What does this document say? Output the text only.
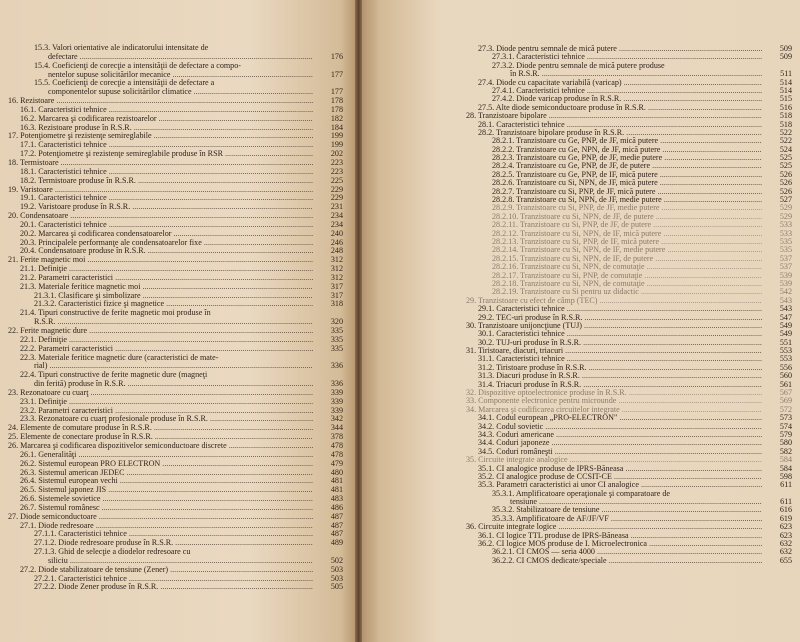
15.3. Valori orientative ale indicatorului intensitate de
defectare .....	176
15.4. Coeficienţi de corecţie a intensităţii de defectare a compo-
nentelor supuse solicitărilor mecanice .....	177
15.5. Coeficienţi de corecţie a intensităţii de defectare a
componentelor supuse solicitărilor climatice .....	177
16. Rezistoare .....	178
16.1. Caracteristici tehnice .....	178
16.2. Marcarea şi codificarea rezistoarelor .....	182
16.3. Rezistoare produse în R.S.R. .....	184
17. Potenţiometre şi rezistenţe semireglabile .....	199
17.1. Caracteristici tehnice .....	199
17.2. Potenţiometre şi rezistenţe semireglabile produse în RSR .....	202
18. Termistoare .....	223
18.1. Caracteristici tehnice .....	223
18.2. Termistoare produse în R.S.R. .....	225
19. Varistoare .....	229
19.1. Caracteristici tehnice .....	229
19.2. Varistoare produse în R.S.R. .....	231
20. Condensatoare .....	234
20.1. Caracteristici tehnice .....	234
20.2. Marcarea şi codificarea condensatoarelor .....	240
20.3. Principalele performanţe ale condensatoarelor fixe .....	246
20.4. Condensatoare produse în R.S.R. .....	248
21. Ferite magnetic moi .....	312
21.1. Definiţie .....	312
21.2. Parametri caracteristici .....	312
21.3. Materiale feritice magnetic moi .....	317
21.3.1. Clasificare şi simbolizare .....	317
21.3.2. Caracteristici fizice şi magnetice .....	318
21.4. Tipuri constructive de ferite magnetic moi produse în
R.S.R. .....	320
22. Ferite magnetic dure .....	335
22.1. Definiţie .....	335
22.2. Parametri caracteristici .....	335
22.3. Materiale feritice magnetic dure (caracteristici de mate-
rial) .....	336
22.4. Tipuri constructive de ferite magnetic dure (magneţi
din ferită) produse în R.S.R. .....	336
23. Rezonatoare cu cuarţ .....	339
23.1. Definiţie .....	339
23.2. Parametri caracteristici .....	339
23.3. Rezonatoare cu cuarţ profesionale produse în R.S.R. .....	342
24. Elemente de comutare produse în R.S.R. .....	344
25. Elemente de conectare produse în R.S.R. .....	378
26. Marcarea şi codificarea dispozitivelor semiconductoare discrete .....	478
26.1. Generalităţi .....	478
26.2. Sistemul european PRO ELECTRON .....	479
26.3. Sistemul american JEDEC .....	480
26.4. Sistemul european vechi .....	481
26.5. Sistemul japonez JIS .....	481
26.6. Sistemele sovietice .....	483
26.7. Sistemul românesc .....	486
27. Diode semiconductoare .....	487
27.1. Diode redresoare .....	487
27.1.1. Caracteristici tehnice .....	487
27.1.2. Diode redresoare produse în R.S.R. .....	489
27.1.3. Ghid de selecţie a diodelor redresoare cu
siliciu .....	502
27.2. Diode stabilizatoare de tensiune (Zener) .....	503
27.2.1. Caracteristici tehnice .....	503
27.2.2. Diode Zener produse în R.S.R. .....	505
27.3. Diode pentru semnale de mică putere .....	509
27.3.1. Caracteristici tehnice .....	509
27.3.2. Diode pentru semnale de mică putere produse
în R.S.R. .....	511
27.4. Diode cu capacitate variabilă (varicap) .....	514
27.4.1. Caracteristici tehnice .....	514
27.4.2. Diode varicap produse în R.S.R. .....	515
27.5. Alte diode semiconductoare produse în R.S.R. .....	516
28. Tranzistoare bipolare .....	518
28.1. Caracteristici tehnice .....	518
28.2. Tranzistoare bipolare produse în R.S.R. .....	522
28.2.1. Tranzistoare cu Ge, PNP, de JF, mică putere .....	522
28.2.2. Tranzistoare cu Ge, NPN, de JF, mică putere .....	524
28.2.3. Tranzistoare cu Ge, PNP, de JF, medie putere .....	525
28.2.4. Tranzistoare cu Ge, PNP, de JF, de putere .....	525
28.2.5. Tranzistoare cu Ge, PNP, de IF, mică putere .....	526
28.2.6. Tranzistoare cu Si, NPN, de JF, mică putere .....	526
28.2.7. Tranzistoare cu Si, PNP, de JF, mică putere .....	526
28.2.8. Tranzistoare cu Si, NPN, de JF, medie putere .....	527
28.2.9. Tranzistoare cu Si, PNP, de JF, medie putere .....	529
28.2.10. Tranzistoare cu Si, NPN, de JF, de putere .....	529
28.2.11. Tranzistoare cu Si, PNP, de JF, de putere .....	533
28.2.12. Tranzistoare cu Si, NPN, de IF, mică putere .....	533
28.2.13. Tranzistoare cu Si, PNP, de IF, mică putere .....	535
28.2.14. Tranzistoare cu Si, NPN, de IF, medie putere .....	535
28.2.15. Tranzistoare cu Si, NPN, de IF, de putere .....	537
28.2.16. Tranzistoare cu Si, NPN, de comutaţie .....	537
28.2.17. Tranzistoare cu Si, PNP, de comutaţie .....	539
28.2.18. Tranzistoare cu Si, NPN, de comutaţie .....	539
28.2.19. Tranzistoare cu Si pentru uz didactic .....	542
29. Tranzistoare cu efect de câmp (TEC) .....	543
29.1. Caracteristici tehnice .....	543
29.2. TEC-uri produse în R.S.R. .....	547
30. Tranzistoare unijoncţiune (TUJ) .....	549
30.1. Caracteristici tehnice .....	549
30.2. TUJ-uri produse în R.S.R. .....	551
31. Tiristoare, diacuri, triacuri .....	553
31.1. Caracteristici tehnice .....	553
31.2. Tiristoare produse în R.S.R. .....	556
31.3. Diacuri produse în R.S.R. .....	560
31.4. Triacuri produse în R.S.R. .....	561
32. Dispozitive optoelectronice produse în R.S.R. .....	567
33. Componente electronice pentru microunde .....	569
34. Marcarea şi codificarea circuitelor integrate .....	572
34.1. Codul european „PRO-ELECTRON" .....	573
34.2. Codul sovietic .....	574
34.3. Coduri americane .....	579
34.4. Coduri japoneze .....	580
34.5. Coduri româneşti .....	582
35. Circuite integrate analogice .....	584
35.1. CI analogice produse de IPRS-Băneasa .....	584
35.2. CI analogice produse de CCSIT-CE .....	598
35.3. Parametri caracteristici ai unor CI analogice .....	611
35.3.1. Amplificatoare operaţionale şi comparatoare de
tensiune .....	611
35.3.2. Stabilizatoare de tensiune .....	616
35.3.3. Amplificatoare de AF/JF/VF .....	619
36. Circuite integrate logice .....	623
36.1. CI logice TTL produse de IPRS-Băneasa .....	623
36.2. CI logice MOS produse de I. Microelectronica .....	632
36.2.1. CI CMOS — seria 4000 .....	632
36.2.2. CI CMOS dedicate/speciale .....	655
